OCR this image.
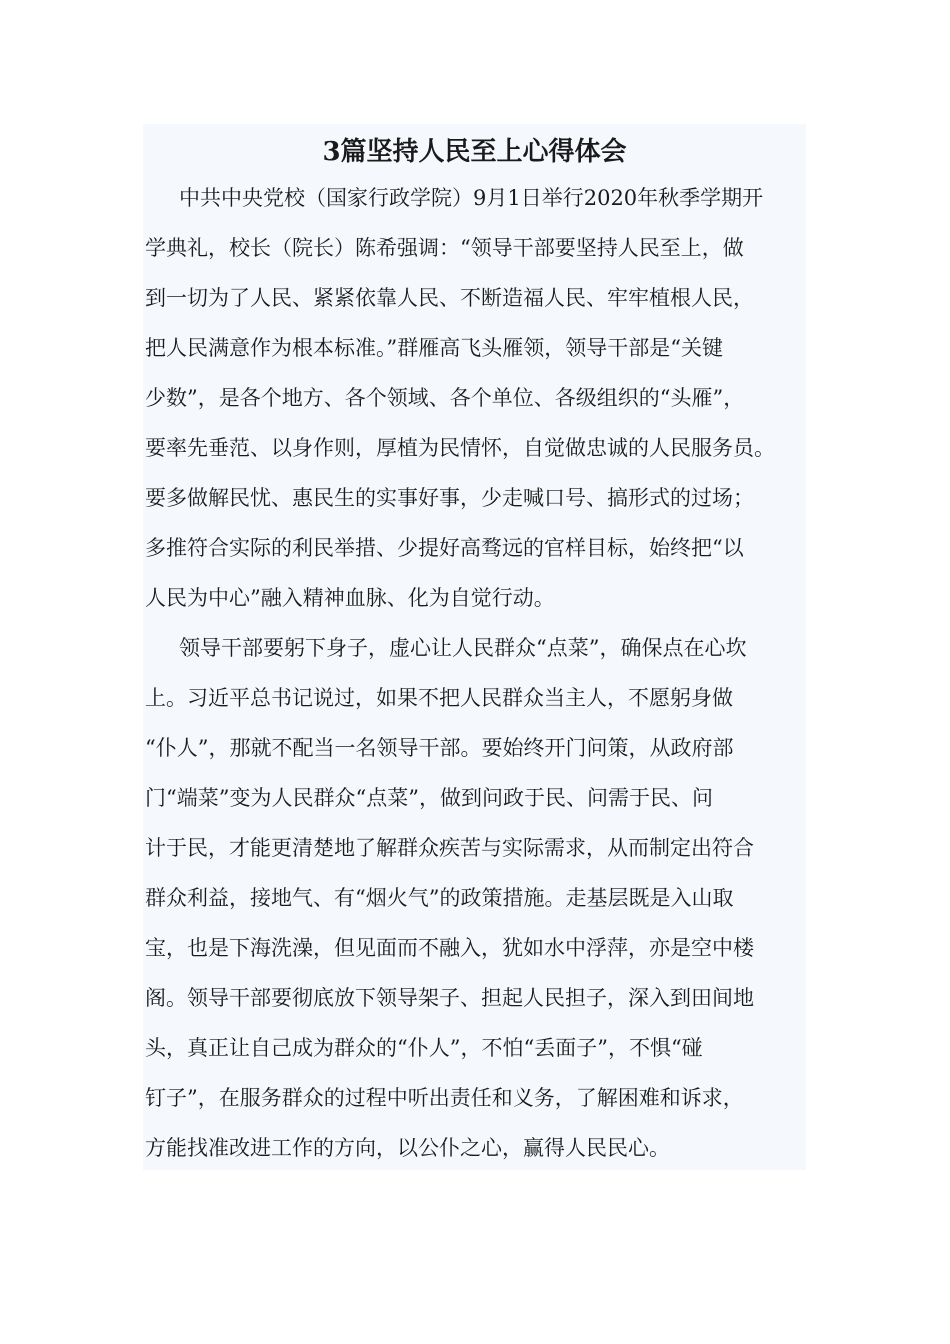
3篇坚持人民至上心得体会
中共中央党校（国家行政学院）9月1日举行2020年秋季学期开
学典礼，校长（院长）陈希强调：“领导干部要坚持人民至上，做
到一切为了人民、紧紧依靠人民、不断造福人民、牢牢植根人民，
把人民满意作为根本标准。”群雁高飞头雁领，领导干部是“关键
少数”，是各个地方、各个领域、各个单位、各级组织的“头雁”，
要率先垂范、以身作则，厚植为民情怀，自觉做忠诚的人民服务员。
要多做解民忧、惠民生的实事好事，少走喊口号、搞形式的过场；
多推符合实际的利民举措、少提好高骛远的官样目标，始终把“以
人民为中心”融入精神血脉、化为自觉行动。
领导干部要躬下身子，虚心让人民群众“点菜”，确保点在心坎
上。习近平总书记说过，如果不把人民群众当主人，不愿躬身做
“仆人”，那就不配当一名领导干部。要始终开门问策，从政府部
门“端菜”变为人民群众“点菜”，做到问政于民、问需于民、问
计于民，才能更清楚地了解群众疾苦与实际需求，从而制定出符合
群众利益，接地气、有“烟火气”的政策措施。走基层既是入山取
宝，也是下海洗澡，但见面而不融入，犹如水中浮萍，亦是空中楼
阁。领导干部要彻底放下领导架子、担起人民担子，深入到田间地
头，真正让自己成为群众的“仆人”，不怕“丢面子”，不惧“碰
钉子”，在服务群众的过程中听出责任和义务，了解困难和诉求，
方能找准改进工作的方向，以公仆之心，赢得人民民心。
